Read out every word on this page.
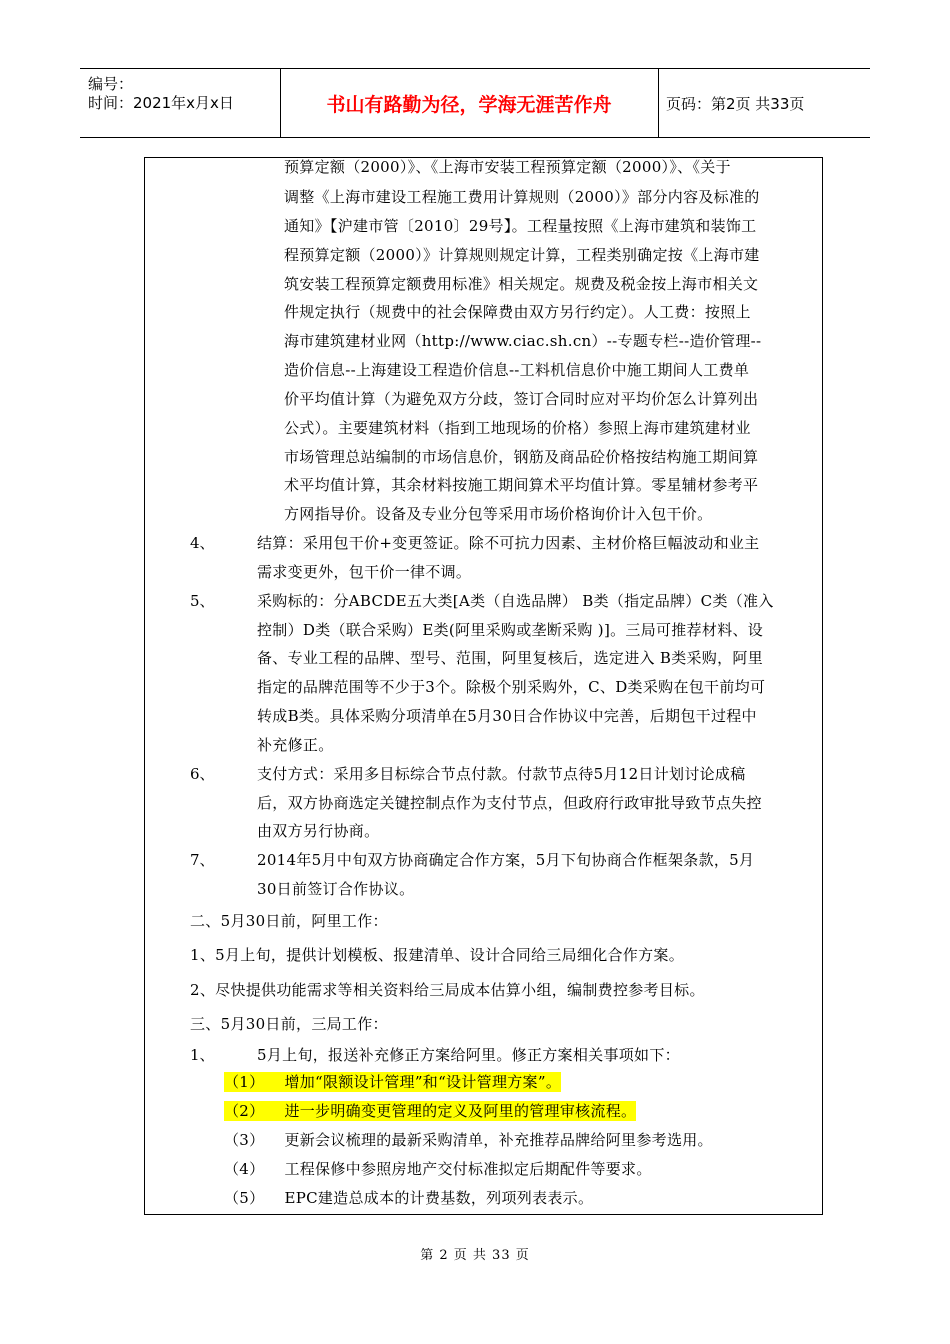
编号：
时间：2021年x月x日	书山有路勤为径，学海无涯苦作舟	页码：第2页 共33页
预算定额（2000）》、《上海市安装工程预算定额（2000）》、《关于
调整《上海市建设工程施工费用计算规则（2000）》部分内容及标准的
通知》【沪建市管〔2010〕29号】。工程量按照《上海市建筑和装饰工
程预算定额（2000）》计算规则规定计算，工程类别确定按《上海市建
筑安装工程预算定额费用标准》相关规定。规费及税金按上海市相关文
件规定执行（规费中的社会保障费由双方另行约定）。人工费：按照上
海市建筑建材业网（http://www.ciac.sh.cn）--专题专栏--造价管理--
造价信息--上海建设工程造价信息--工料机信息价中施工期间人工费单
价平均值计算（为避免双方分歧，签订合同时应对平均价怎么计算列出
公式）。主要建筑材料（指到工地现场的价格）参照上海市建筑建材业
市场管理总站编制的市场信息价，钢筋及商品砼价格按结构施工期间算
术平均值计算，其余材料按施工期间算术平均值计算。零星辅材参考平
方网指导价。设备及专业分包等采用市场价格询价计入包干价。
4、	结算：采用包干价+变更签证。除不可抗力因素、主材价格巨幅波动和业主
需求变更外，包干价一律不调。
5、	采购标的：分ABCDE五大类[A类（自选品牌） B类（指定品牌）C类（准入
控制）D类（联合采购）E类(阿里采购或垄断采购 )]。三局可推荐材料、设
备、专业工程的品牌、型号、范围，阿里复核后，选定进入 B类采购，阿里
指定的品牌范围等不少于3个。除极个别采购外，C、D类采购在包干前均可
转成B类。具体采购分项清单在5月30日合作协议中完善，后期包干过程中
补充修正。
6、	支付方式：采用多目标综合节点付款。付款节点待5月12日计划讨论成稿
后，双方协商选定关键控制点作为支付节点，但政府行政审批导致节点失控
由双方另行协商。
7、	2014年5月中旬双方协商确定合作方案，5月下旬协商合作框架条款，5月
30日前签订合作协议。
二、5月30日前，阿里工作：
1、5月上旬，提供计划模板、报建清单、设计合同给三局细化合作方案。
2、尽快提供功能需求等相关资料给三局成本估算小组，编制费控参考目标。
三、5月30日前，三局工作：
1、	5月上旬，报送补充修正方案给阿里。修正方案相关事项如下：
（1） 增加“限额设计管理”和“设计管理方案”。
（2） 进一步明确变更管理的定义及阿里的管理审核流程。
（3） 更新会议梳理的最新采购清单，补充推荐品牌给阿里参考选用。
（4） 工程保修中参照房地产交付标准拟定后期配件等要求。
（5） EPC建造总成本的计费基数，列项列表表示。
第 2 页 共 33 页
